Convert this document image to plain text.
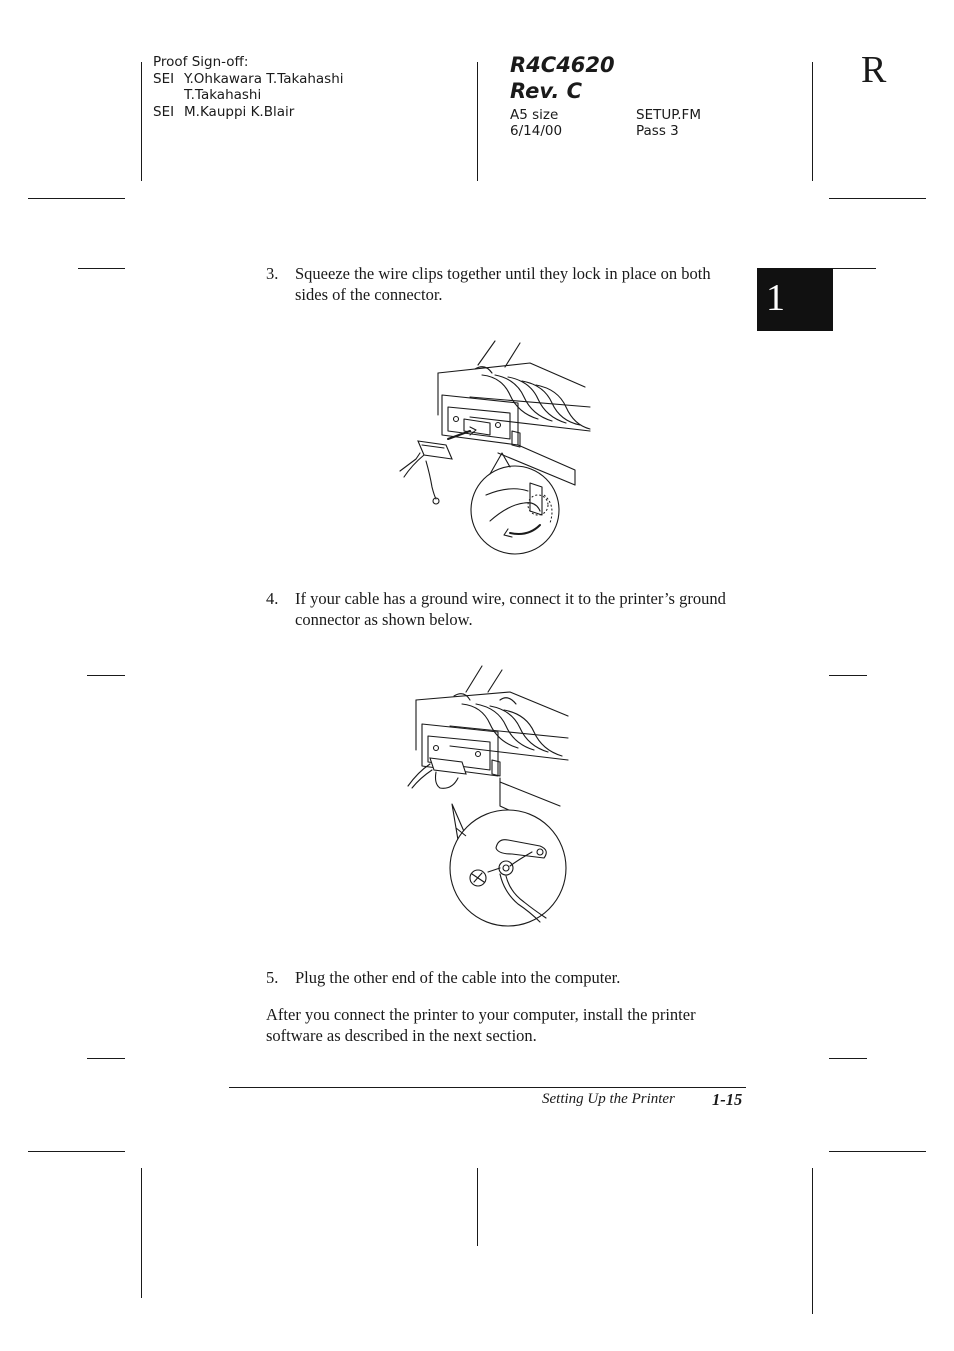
Proof Sign-off:
SEI Y.Ohkawara T.Takahashi
T.Takahashi
SEI M.Kauppi K.Blair
R4C4620
Rev. C
A5 size	SETUP.FM
6/14/00	Pass 3
R
1
3. Squeeze the wire clips together until they lock in place on both sides of the connector.
4. If your cable has a ground wire, connect it to the printer’s ground connector as shown below.
5. Plug the other end of the cable into the computer.
After you connect the printer to your computer, install the printer software as described in the next section.
Setting Up the Printer 1-15
